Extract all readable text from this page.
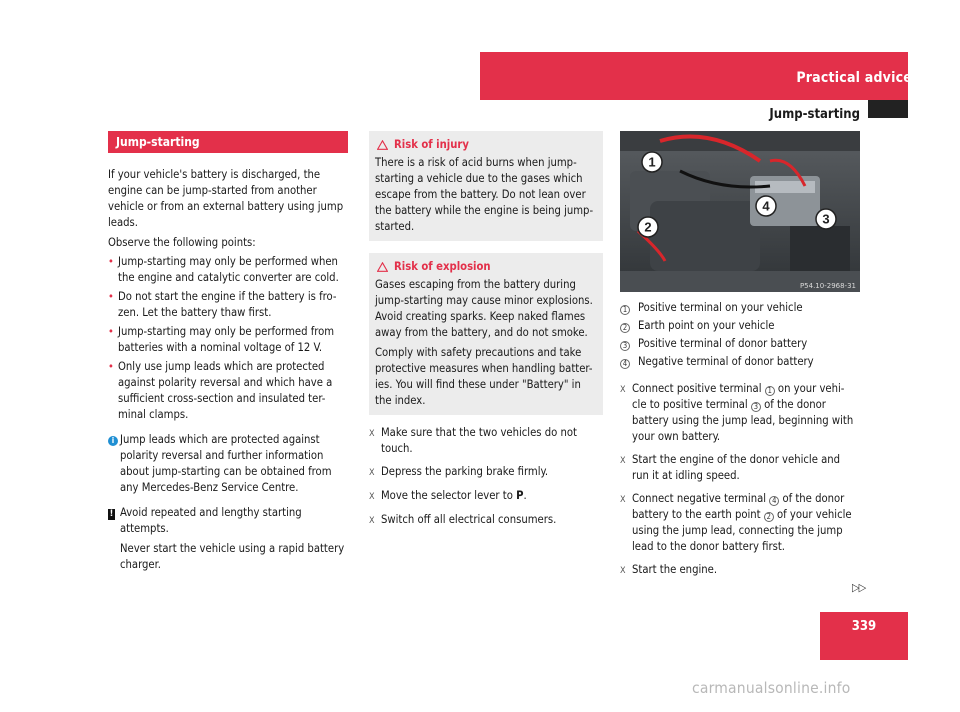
Practical advice
Jump-starting
Jump-starting

If your vehicle's battery is discharged, the engine can be jump-started from another vehicle or from an external battery using jump leads.

Observe the following points:

• Jump-starting may only be performed when the engine and catalytic converter are cold.
• Do not start the engine if the battery is fro- zen. Let the battery thaw first.
• Jump-starting may only be performed from batteries with a nominal voltage of 12 V.
• Only use jump leads which are protected against polarity reversal and which have a sufficient cross-section and insulated ter- minal clamps.
i Jump leads which are protected against polarity reversal and further information about jump-starting can be obtained from any Mercedes-Benz Service Centre.
! Avoid repeated and lengthy starting attempts.

Never start the vehicle using a rapid battery charger.

Risk of injury

There is a risk of acid burns when jump- starting a vehicle due to the gases which escape from the battery. Do not lean over the battery while the engine is being jump- started.

Risk of explosion

Gases escaping from the battery during jump-starting may cause minor explosions. Avoid creating sparks. Keep naked flames away from the battery, and do not smoke.

Comply with safety precautions and take protective measures when handling batter- ies. You will find these under "Battery" in the index.

X Make sure that the two vehicles do not touch.
X Depress the parking brake firmly.
X Move the selector lever to P.
X Switch off all electrical consumers.
1
2
3
4
P54.10-2968-31
1 Positive terminal on your vehicle
2 Earth point on your vehicle
3 Positive terminal of donor battery
4 Negative terminal of donor battery
X Connect positive terminal 1 on your vehi- cle to positive terminal 3 of the donor battery using the jump lead, beginning with your own battery.
X Start the engine of the donor vehicle and run it at idling speed.
X Connect negative terminal 4 of the donor battery to the earth point 2 of your vehicle using the jump lead, connecting the jump lead to the donor battery first.
X Start the engine.
▷▷
339
carmanualsonline.info
